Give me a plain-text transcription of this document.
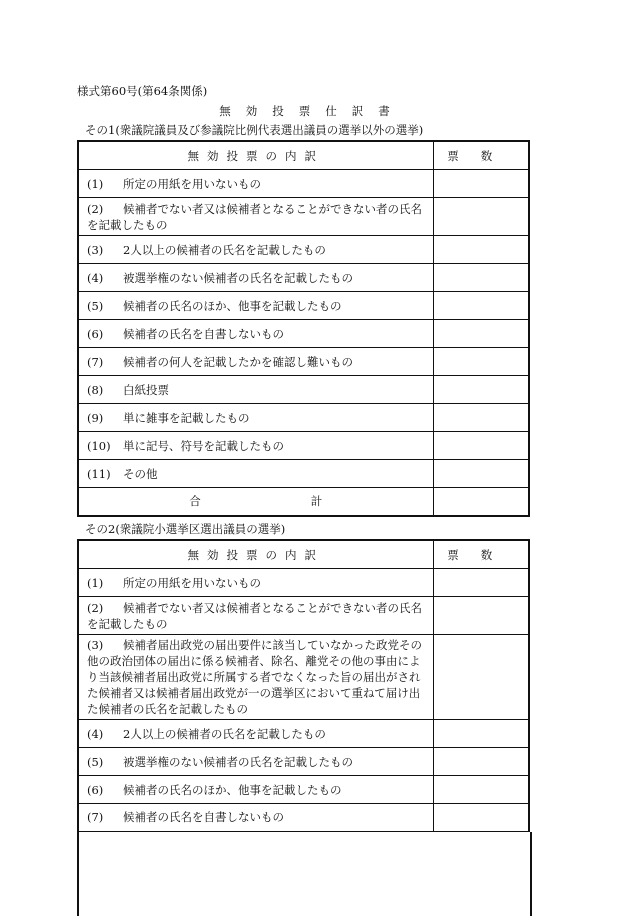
様式第60号(第64条関係)
無効投票仕訳書
その1(衆議院議員及び参議院比例代表選出議員の選挙以外の選挙)
無効投票の内訳	票数
(1) 所定の用紙を用いないもの	
(2) 候補者でない者又は候補者となることができない者の氏名を記載したもの	
(3) 2人以上の候補者の氏名を記載したもの	
(4) 被選挙権のない候補者の氏名を記載したもの	
(5) 候補者の氏名のほか、他事を記載したもの	
(6) 候補者の氏名を自書しないもの	
(7) 候補者の何人を記載したかを確認し難いもの	
(8) 白紙投票	
(9) 単に雑事を記載したもの	
(10) 単に記号、符号を記載したもの	
(11) その他	
合計	
その2(衆議院小選挙区選出議員の選挙)
無効投票の内訳	票数
(1) 所定の用紙を用いないもの	
(2) 候補者でない者又は候補者となることができない者の氏名を記載したもの	
(3) 候補者届出政党の届出要件に該当していなかった政党その他の政治団体の届出に係る候補者、除名、離党その他の事由により当該候補者届出政党に所属する者でなくなった旨の届出がされた候補者又は候補者届出政党が一の選挙区において重ねて届け出た候補者の氏名を記載したもの	
(4) 2人以上の候補者の氏名を記載したもの	
(5) 被選挙権のない候補者の氏名を記載したもの	
(6) 候補者の氏名のほか、他事を記載したもの	
(7) 候補者の氏名を自書しないもの	
